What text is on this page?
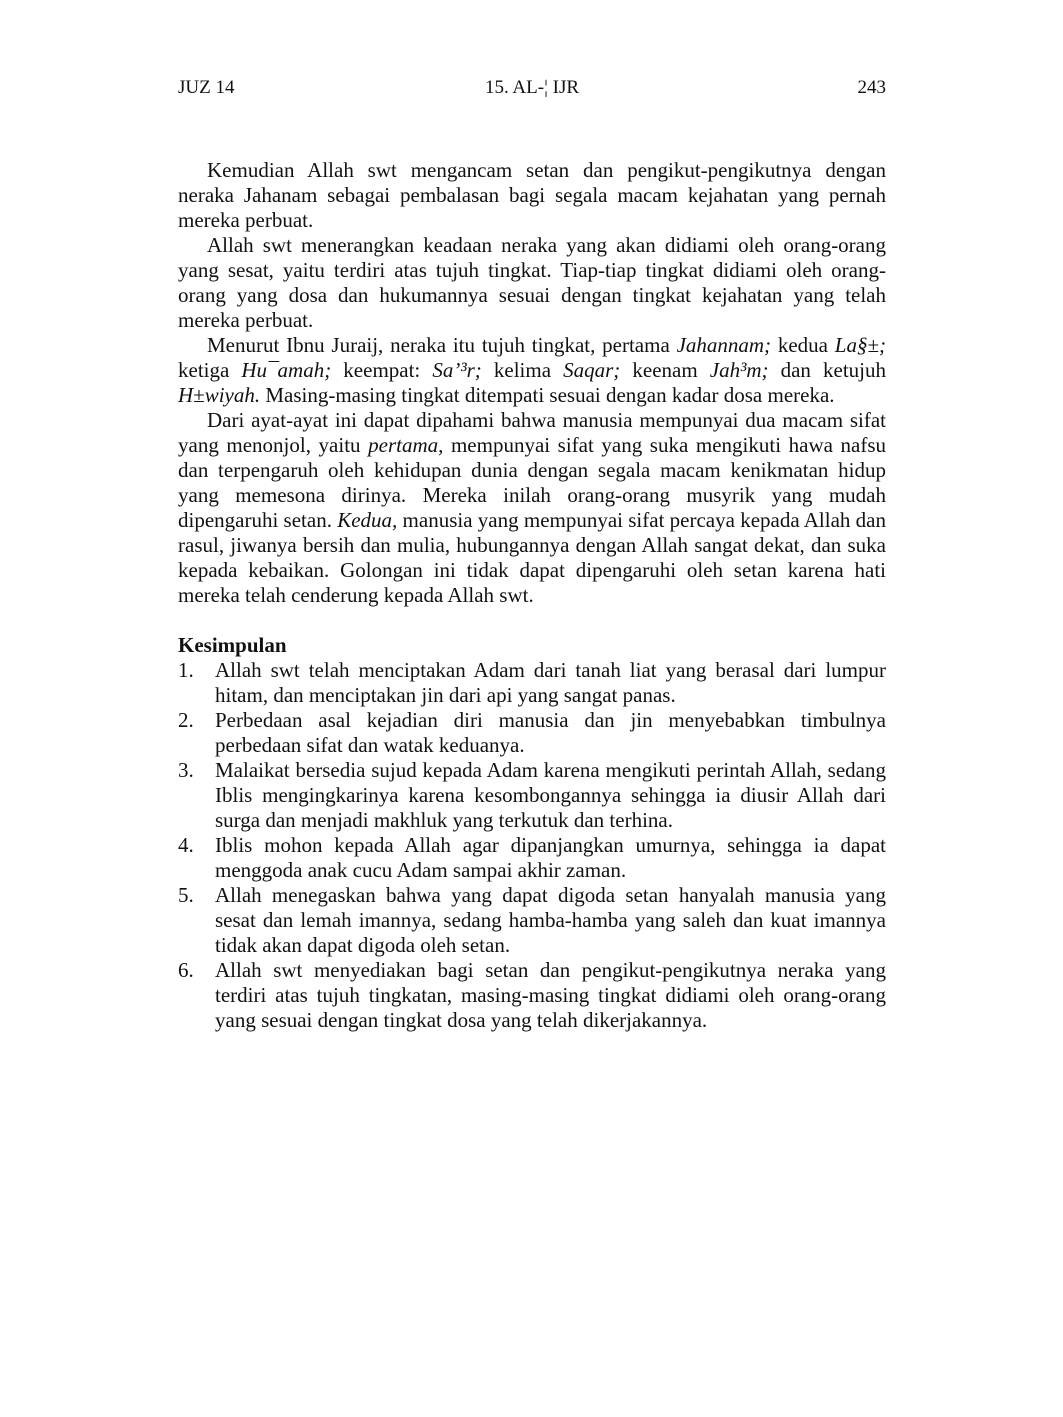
JUZ 14	15. AL-¦ IJR	243

Kemudian Allah swt mengancam setan dan pengikut-pengikutnya dengan neraka Jahanam sebagai pembalasan bagi segala macam kejahatan yang pernah mereka perbuat.

Allah swt menerangkan keadaan neraka yang akan didiami oleh orang-orang yang sesat, yaitu terdiri atas tujuh tingkat. Tiap-tiap tingkat didiami oleh orang-orang yang dosa dan hukumannya sesuai dengan tingkat kejahatan yang telah mereka perbuat.

Menurut Ibnu Juraij, neraka itu tujuh tingkat, pertama Jahannam; kedua La§±; ketiga Hu¯amah; keempat: Sa’³r; kelima Saqar; keenam Jah³m; dan ketujuh H±wiyah. Masing-masing tingkat ditempati sesuai dengan kadar dosa mereka.

Dari ayat-ayat ini dapat dipahami bahwa manusia mempunyai dua macam sifat yang menonjol, yaitu pertama, mempunyai sifat yang suka mengikuti hawa nafsu dan terpengaruh oleh kehidupan dunia dengan segala macam kenikmatan hidup yang memesona dirinya. Mereka inilah orang-orang musyrik yang mudah dipengaruhi setan. Kedua, manusia yang mempunyai sifat percaya kepada Allah dan rasul, jiwanya bersih dan mulia, hubungannya dengan Allah sangat dekat, dan suka kepada kebaikan. Golongan ini tidak dapat dipengaruhi oleh setan karena hati mereka telah cenderung kepada Allah swt.

Kesimpulan
1. Allah swt telah menciptakan Adam dari tanah liat yang berasal dari lumpur hitam, dan menciptakan jin dari api yang sangat panas.
2. Perbedaan asal kejadian diri manusia dan jin menyebabkan timbulnya perbedaan sifat dan watak keduanya.
3. Malaikat bersedia sujud kepada Adam karena mengikuti perintah Allah, sedang Iblis mengingkarinya karena kesombongannya sehingga ia diusir Allah dari surga dan menjadi makhluk yang terkutuk dan terhina.
4. Iblis mohon kepada Allah agar dipanjangkan umurnya, sehingga ia dapat menggoda anak cucu Adam sampai akhir zaman.
5. Allah menegaskan bahwa yang dapat digoda setan hanyalah manusia yang sesat dan lemah imannya, sedang hamba-hamba yang saleh dan kuat imannya tidak akan dapat digoda oleh setan.
6. Allah swt menyediakan bagi setan dan pengikut-pengikutnya neraka yang terdiri atas tujuh tingkatan, masing-masing tingkat didiami oleh orang-orang yang sesuai dengan tingkat dosa yang telah dikerjakannya.
